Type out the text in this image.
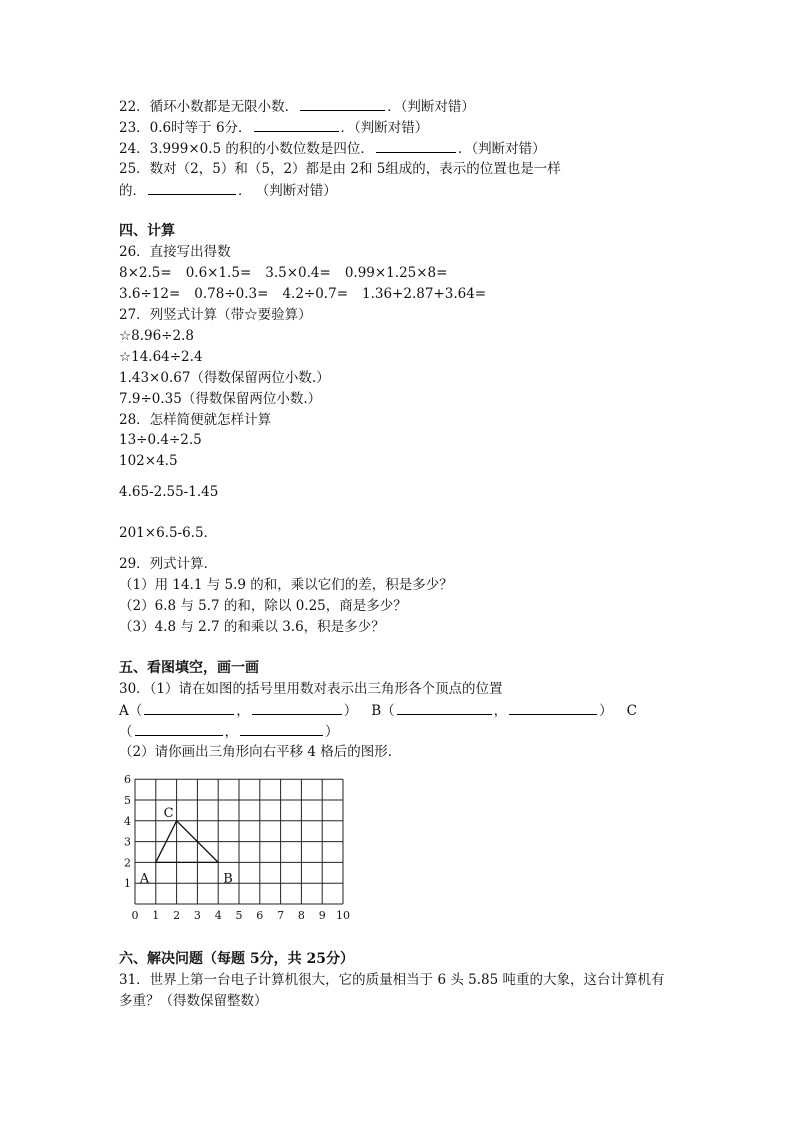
22．循环小数都是无限小数．	．（判断对错）
23．0.6时等于 6分．	．（判断对错）
24．3.999×0.5 的积的小数位数是四位．	．（判断对错）
25．数对（2，5）和（5，2）都是由 2和 5组成的，表示的位置也是一样
的．	． （判断对错）
四、计算
26．直接写出得数
8×2.5= 0.6×1.5= 3.5×0.4= 0.99×1.25×8=
3.6÷12= 0.78÷0.3= 4.2÷0.7= 1.36+2.87+3.64=
27．列竖式计算（带☆要验算）
☆8.96÷2.8
☆14.64÷2.4
1.43×0.67（得数保留两位小数.）
7.9÷0.35（得数保留两位小数.）
28．怎样简便就怎样计算
13÷0.4÷2.5
102×4.5
4.65-2.55-1.45
201×6.5-6.5．
29．列式计算．
（1）用 14.1 与 5.9 的和，乘以它们的差，积是多少？
（2）6.8 与 5.7 的和，除以 0.25，商是多少？
（3）4.8 与 2.7 的和乘以 3.6，积是多少？
五、看图填空，画一画
30．（1）请在如图的括号里用数对表示出三角形各个顶点的位置
A（	，	） B（	，	） C
（	，	）
（2）请你画出三角形向右平移 4 格后的图形．
0 1 2 3 4 5 6 7 8 9 10
1
2
3
4
5
6
A	B
C
六、解决问题（每题 5分，共 25分）
31．世界上第一台电子计算机很大，它的质量相当于 6 头 5.85 吨重的大象，这台计算机有
多重？（得数保留整数）
